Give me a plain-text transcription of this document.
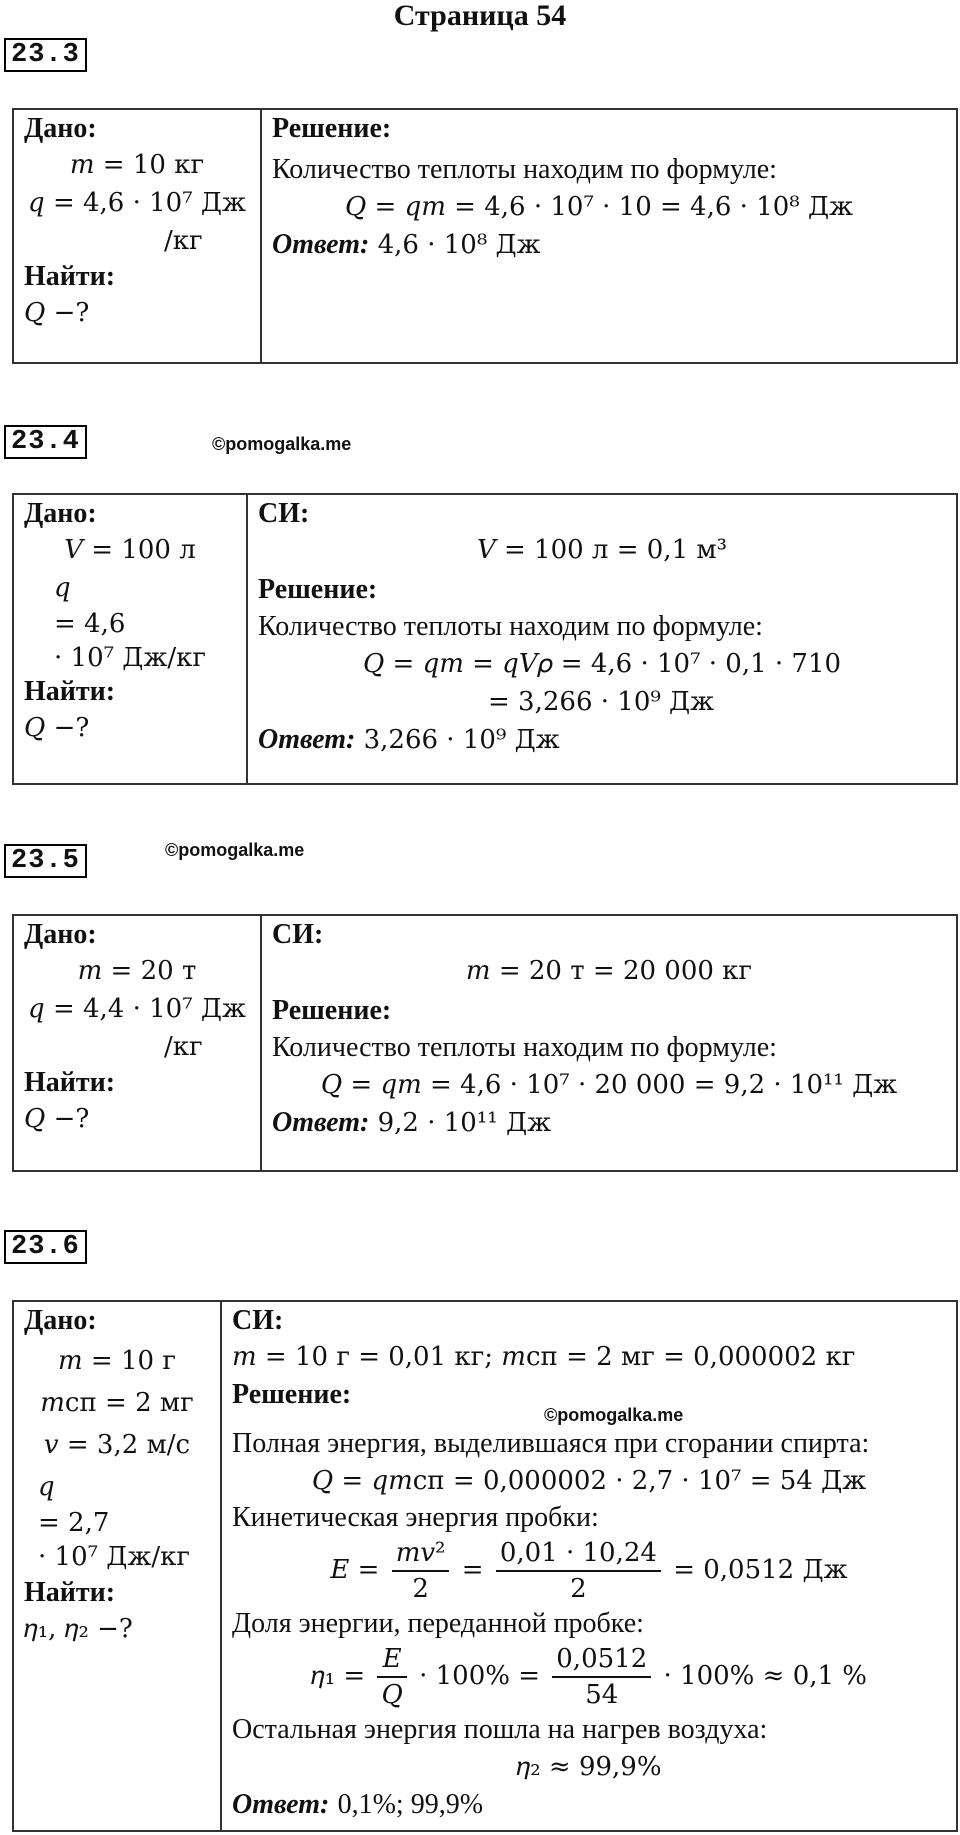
Страница 54
23.3
Дано:
𝑚 = 10 кг
𝑞 = 4,6 · 10⁷ Дж
/кг
Найти:
𝑄 −?

Решение:
Количество теплоты находим по формуле:
𝑄 = 𝑞𝑚 = 4,6 · 10⁷ · 10 = 4,6 · 10⁸ Дж
Ответ: 4,6 · 10⁸ Дж
23.4	©pomogalka.me
Дано:
𝑉 = 100 л
𝑞
= 4,6
· 10⁷ Дж/кг
Найти:
𝑄 −?

СИ:
𝑉 = 100 л = 0,1 м³
Решение:
Количество теплоты находим по формуле:
𝑄 = 𝑞𝑚 = 𝑞𝑉𝜌 = 4,6 · 10⁷ · 0,1 · 710
= 3,266 · 10⁹ Дж
Ответ: 3,266 · 10⁹ Дж
23.5	©pomogalka.me
Дано:
𝑚 = 20 т
𝑞 = 4,4 · 10⁷ Дж
/кг
Найти:
𝑄 −?

СИ:
𝑚 = 20 т = 20 000 кг
Решение:
Количество теплоты находим по формуле:
𝑄 = 𝑞𝑚 = 4,6 · 10⁷ · 20 000 = 9,2 · 10¹¹ Дж
Ответ: 9,2 · 10¹¹ Дж
23.6
Дано:
𝑚 = 10 г
𝑚сп = 2 мг
𝑣 = 3,2 м/с
𝑞
= 2,7
· 10⁷ Дж/кг
Найти:
𝜂₁, 𝜂₂ −?

СИ:
𝑚 = 10 г = 0,01 кг; 𝑚сп = 2 мг = 0,000002 кг
Решение:
©pomogalka.me
Полная энергия, выделившаяся при сгорании спирта:
𝑄 = 𝑞𝑚сп = 0,000002 · 2,7 · 10⁷ = 54 Дж
Кинетическая энергия пробки:
𝐸 = $\frac{\text{𝑚𝑣²}}{2} = \frac{0,01 \cdot 10,24}{2} = 0,0512$ Дж
Доля энергии, переданной пробке:
𝜂₁ = $\frac{\text{𝐸}}{\text{𝑄}} \cdot 100\% = \frac{0,0512}{54} \cdot 100\% \approx 0,1$ %
Остальная энергия пошла на нагрев воздуха:
𝜂₂ ≈ 99,9%
Ответ: 0,1%; 99,9%
